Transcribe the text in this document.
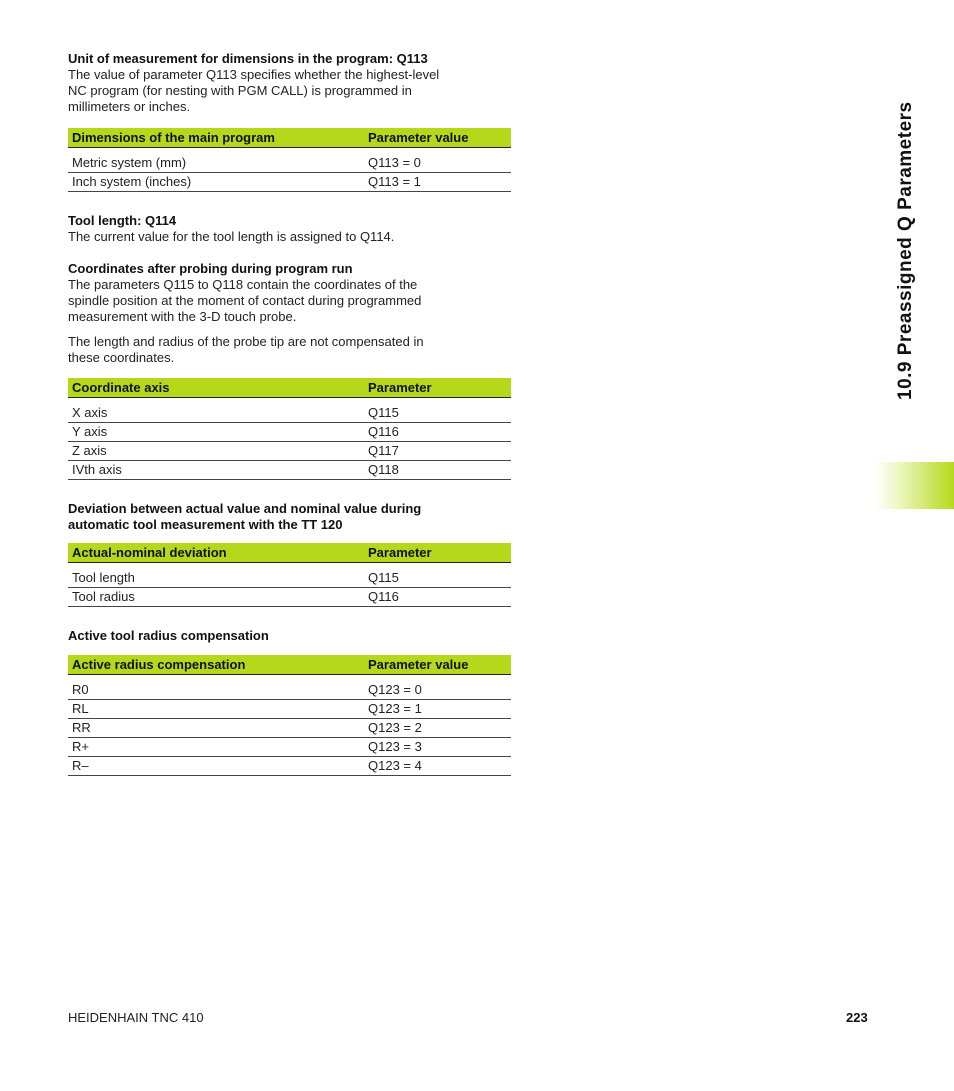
10.9 Preassigned Q Parameters
Unit of measurement for dimensions in the program: Q113
The value of parameter Q113 specifies whether the highest-level
NC program (for nesting with PGM CALL) is programmed in
millimeters or inches.
Dimensions of the main program	Parameter value
Metric system (mm)	Q113 = 0
Inch system (inches)	Q113 = 1
Tool length: Q114
The current value for the tool length is assigned to Q114.
Coordinates after probing during program run
The parameters Q115 to Q118 contain the coordinates of the
spindle position at the moment of contact during programmed
measurement with the 3-D touch probe.
The length and radius of the probe tip are not compensated in
these coordinates.
Coordinate axis	Parameter
X axis	Q115
Y axis	Q116
Z axis	Q117
IVth axis	Q118
Deviation between actual value and nominal value during
automatic tool measurement with the TT 120
Actual-nominal deviation	Parameter
Tool length	Q115
Tool radius	Q116
Active tool radius compensation
Active radius compensation	Parameter value
R0	Q123 = 0
RL	Q123 = 1
RR	Q123 = 2
R+	Q123 = 3
R–	Q123 = 4
HEIDENHAIN TNC 410	223
